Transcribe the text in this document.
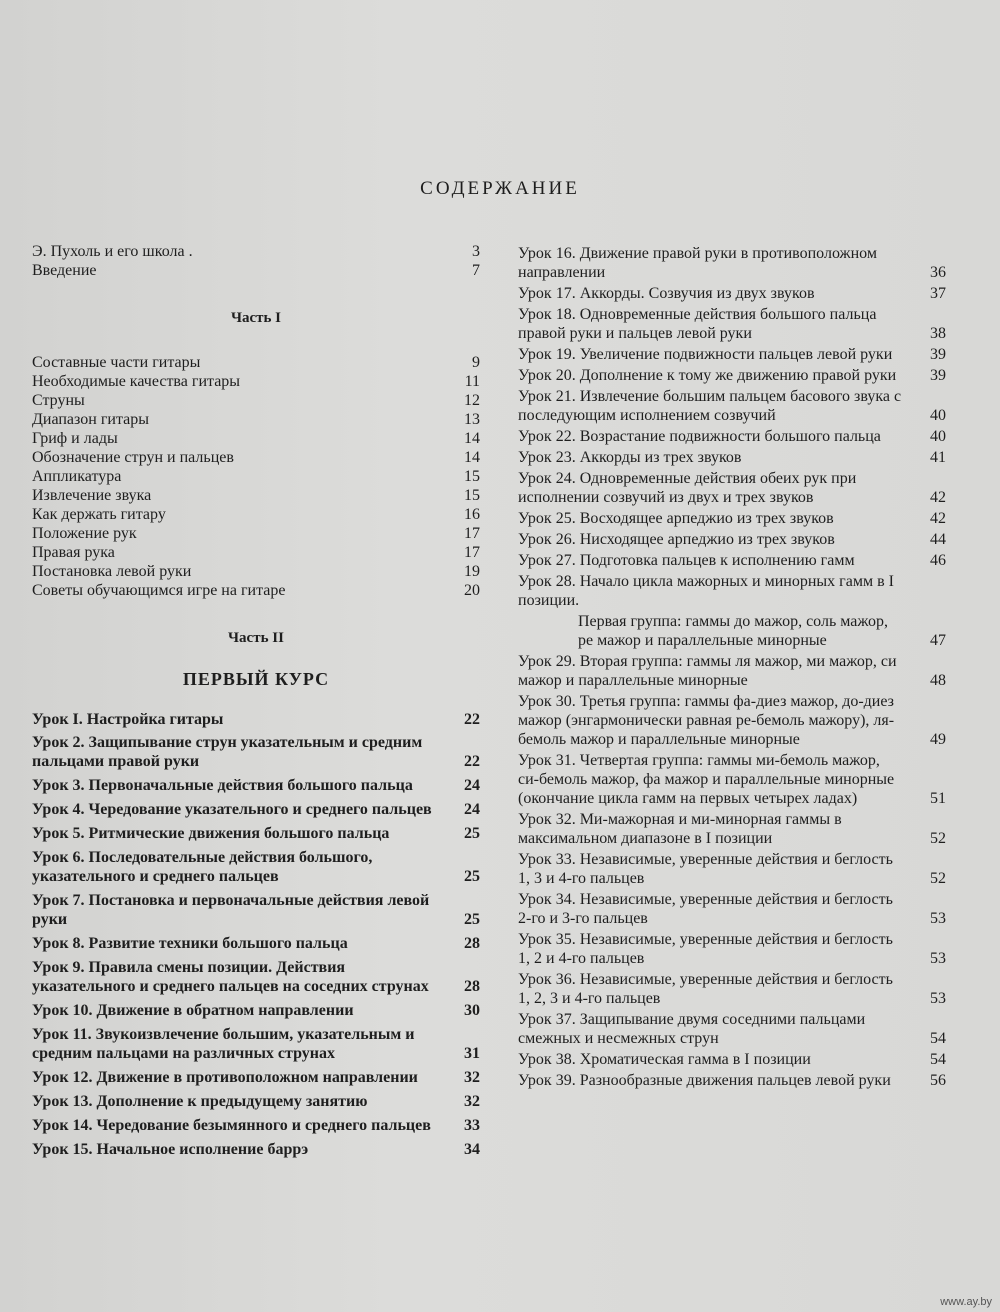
СОДЕРЖАНИЕ
Э. Пухоль и его школа .	3
Введение	7
Часть I
Составные части гитары	9
Необходимые качества гитары	11
Струны	12
Диапазон гитары	13
Гриф и лады	14
Обозначение струн и пальцев	14
Аппликатура	15
Извлечение звука	15
Как держать гитару	16
Положение рук	17
Правая рука	17
Постановка левой руки	19
Советы обучающимся игре на гитаре	20
Часть II
ПЕРВЫЙ КУРС
Урок I. Настройка гитары	22
Урок 2. Защипывание струн указательным и средним пальцами правой руки	22
Урок 3. Первоначальные действия большого пальца	24
Урок 4. Чередование указательного и среднего пальцев	24
Урок 5. Ритмические движения большого пальца	25
Урок 6. Последовательные действия большого, указательного и среднего пальцев	25
Урок 7. Постановка и первоначальные действия левой руки	25
Урок 8. Развитие техники большого пальца	28
Урок 9. Правила смены позиции. Действия указательного и среднего пальцев на соседних струнах	28
Урок 10. Движение в обратном направлении	30
Урок 11. Звукоизвлечение большим, указательным и средним пальцами на различных струнах	31
Урок 12. Движение в противоположном направлении	32
Урок 13. Дополнение к предыдущему занятию	32
Урок 14. Чередование безымянного и среднего пальцев	33
Урок 15. Начальное исполнение баррэ	34
Урок 16. Движение правой руки в противоположном направлении	36
Урок 17. Аккорды. Созвучия из двух звуков	37
Урок 18. Одновременные действия большого пальца правой руки и пальцев левой руки	38
Урок 19. Увеличение подвижности пальцев левой руки	39
Урок 20. Дополнение к тому же движению правой руки	39
Урок 21. Извлечение большим пальцем басового звука с последующим исполнением созвучий	40
Урок 22. Возрастание подвижности большого пальца	40
Урок 23. Аккорды из трех звуков	41
Урок 24. Одновременные действия обеих рук при исполнении созвучий из двух и трех звуков	42
Урок 25. Восходящее арпеджио из трех звуков	42
Урок 26. Нисходящее арпеджио из трех звуков	44
Урок 27. Подготовка пальцев к исполнению гамм	46
Урок 28. Начало цикла мажорных и минорных гамм в I позиции.
Первая группа: гаммы до мажор, соль мажор, ре мажор и параллельные минорные	47
Урок 29. Вторая группа: гаммы ля мажор, ми мажор, си мажор и параллельные минорные	48
Урок 30. Третья группа: гаммы фа-диез мажор, до-диез мажор (энгармонически равная ре-бемоль мажору), ля-бемоль мажор и параллельные минорные	49
Урок 31. Четвертая группа: гаммы ми-бемоль мажор, си-бемоль мажор, фа мажор и параллельные минорные (окончание цикла гамм на первых четырех ладах)	51
Урок 32. Ми-мажорная и ми-минорная гаммы в максимальном диапазоне в I позиции	52
Урок 33. Независимые, уверенные действия и беглость 1, 3 и 4-го пальцев	52
Урок 34. Независимые, уверенные действия и беглость 2-го и 3-го пальцев	53
Урок 35. Независимые, уверенные действия и беглость 1, 2 и 4-го пальцев	53
Урок 36. Независимые, уверенные действия и беглость 1, 2, 3 и 4-го пальцев	53
Урок 37. Защипывание двумя соседними пальцами смежных и несмежных струн	54
Урок 38. Хроматическая гамма в I позиции	54
Урок 39. Разнообразные движения пальцев левой руки	56
www.ay.by
